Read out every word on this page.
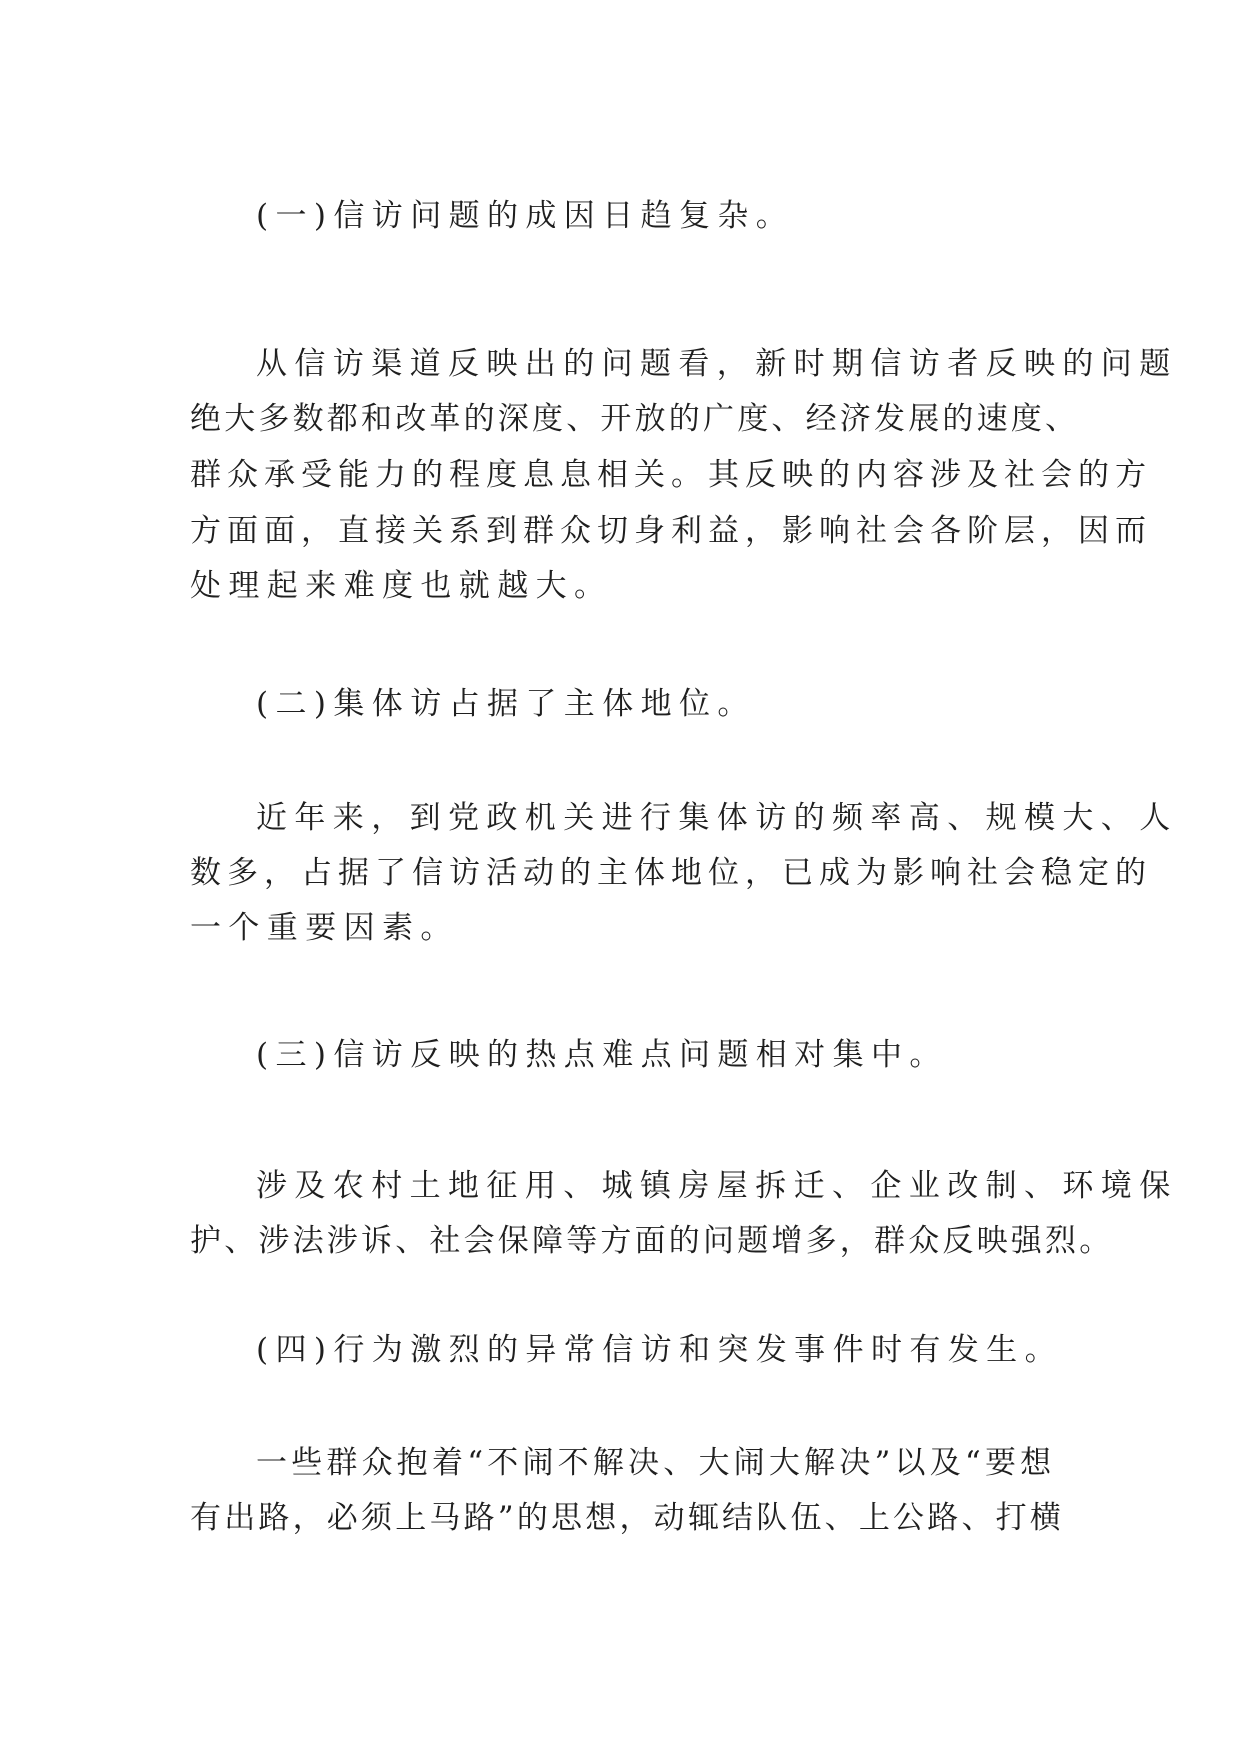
(一)信访问题的成因日趋复杂。
从信访渠道反映出的问题看，新时期信访者反映的问题
绝大多数都和改革的深度、开放的广度、经济发展的速度、
群众承受能力的程度息息相关。其反映的内容涉及社会的方
方面面，直接关系到群众切身利益，影响社会各阶层，因而
处理起来难度也就越大。
(二)集体访占据了主体地位。
近年来，到党政机关进行集体访的频率高、规模大、人
数多，占据了信访活动的主体地位，已成为影响社会稳定的
一个重要因素。
(三)信访反映的热点难点问题相对集中。
涉及农村土地征用、城镇房屋拆迁、企业改制、环境保
护、涉法涉诉、社会保障等方面的问题增多，群众反映强烈。
(四)行为激烈的异常信访和突发事件时有发生。
一些群众抱着“不闹不解决、大闹大解决”以及“要想
有出路，必须上马路”的思想，动辄结队伍、上公路、打横
